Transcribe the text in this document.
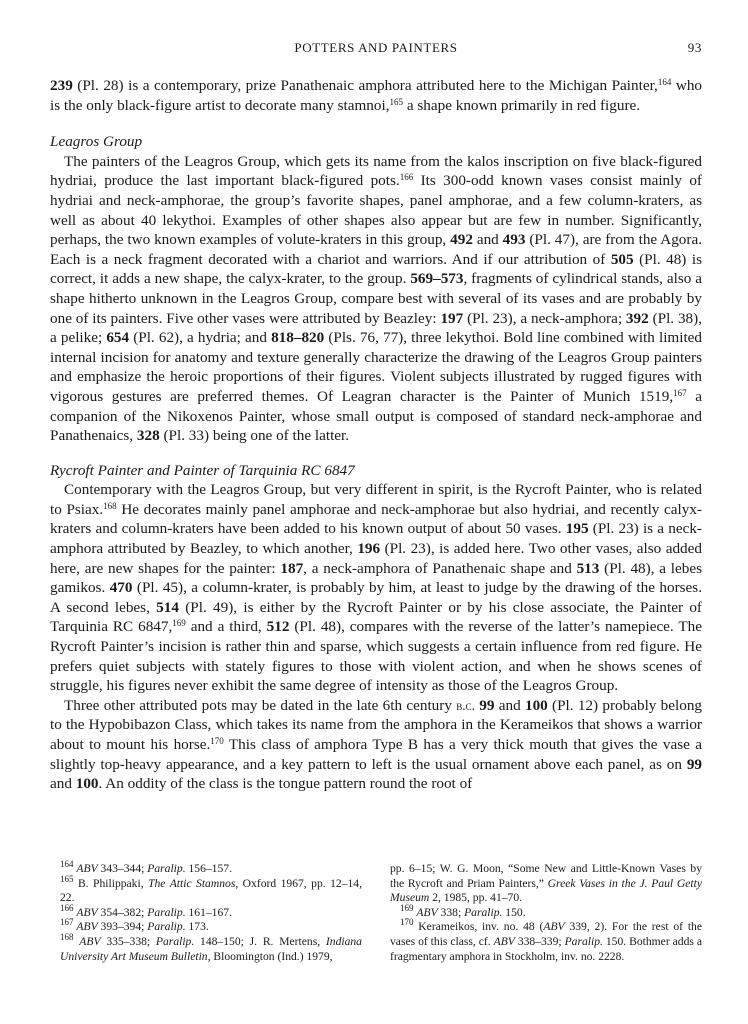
POTTERS AND PAINTERS	93

239 (Pl. 28) is a contemporary, prize Panathenaic amphora attributed here to the Michigan Painter,$^{164}$ who is the only black-figure artist to decorate many stamnoi,$^{165}$ a shape known primarily in red figure.

Leagros Group

The painters of the Leagros Group, which gets its name from the kalos inscription on five black-figured hydriai, produce the last important black-figured pots.$^{166}$ Its 300-odd known vases consist mainly of hydriai and neck-amphorae, the group’s favorite shapes, panel amphorae, and a few column-kraters, as well as about 40 lekythoi. Examples of other shapes also appear but are few in number. Significantly, perhaps, the two known examples of volute-kraters in this group, 492 and 493 (Pl. 47), are from the Agora. Each is a neck fragment decorated with a chariot and warriors. And if our attribution of 505 (Pl. 48) is correct, it adds a new shape, the calyx-krater, to the group. 569–573, fragments of cylindrical stands, also a shape hitherto unknown in the Leagros Group, compare best with several of its vases and are probably by one of its painters. Five other vases were attributed by Beazley: 197 (Pl. 23), a neck-amphora; 392 (Pl. 38), a pelike; 654 (Pl. 62), a hydria; and 818–820 (Pls. 76, 77), three lekythoi. Bold line combined with limited internal incision for anatomy and texture generally characterize the drawing of the Leagros Group painters and emphasize the heroic proportions of their figures. Violent subjects illustrated by rugged figures with vigorous gestures are preferred themes. Of Leagran character is the Painter of Munich 1519,$^{167}$ a companion of the Nikoxenos Painter, whose small output is composed of standard neck-amphorae and Panathenaics, 328 (Pl. 33) being one of the latter.

Rycroft Painter and Painter of Tarquinia RC 6847

Contemporary with the Leagros Group, but very different in spirit, is the Rycroft Painter, who is related to Psiax.$^{168}$ He decorates mainly panel amphorae and neck-amphorae but also hydriai, and recently calyx-kraters and column-kraters have been added to his known output of about 50 vases. 195 (Pl. 23) is a neck-amphora attributed by Beazley, to which another, 196 (Pl. 23), is added here. Two other vases, also added here, are new shapes for the painter: 187, a neck-amphora of Panathenaic shape and 513 (Pl. 48), a lebes gamikos. 470 (Pl. 45), a column-krater, is probably by him, at least to judge by the drawing of the horses. A second lebes, 514 (Pl. 49), is either by the Rycroft Painter or by his close associate, the Painter of Tarquinia RC 6847,$^{169}$ and a third, 512 (Pl. 48), compares with the reverse of the latter’s namepiece. The Rycroft Painter’s incision is rather thin and sparse, which suggests a certain influence from red figure. He prefers quiet subjects with stately figures to those with violent action, and when he shows scenes of struggle, his figures never exhibit the same degree of intensity as those of the Leagros Group.

Three other attributed pots may be dated in the late 6th century b.c. 99 and 100 (Pl. 12) probably belong to the Hypobibazon Class, which takes its name from the amphora in the Kerameikos that shows a warrior about to mount his horse.$^{170}$ This class of amphora Type B has a very thick mouth that gives the vase a slightly top-heavy appearance, and a key pattern to left is the usual ornament above each panel, as on 99 and 100. An oddity of the class is the tongue pattern round the root of

$^{164}$ ABV 343–344; Paralip. 156–157.

$^{165}$ B. Philippaki, The Attic Stamnos, Oxford 1967, pp. 12–14, 22.

$^{166}$ ABV 354–382; Paralip. 161–167.

$^{167}$ ABV 393–394; Paralip. 173.

$^{168}$ ABV 335–338; Paralip. 148–150; J. R. Mertens, Indiana University Art Museum Bulletin, Bloomington (Ind.) 1979,

pp. 6–15; W. G. Moon, “Some New and Little-Known Vases by the Rycroft and Priam Painters,” Greek Vases in the J. Paul Getty Museum 2, 1985, pp. 41–70.

$^{169}$ ABV 338; Paralip. 150.

$^{170}$ Kerameikos, inv. no. 48 (ABV 339, 2). For the rest of the vases of this class, cf. ABV 338–339; Paralip. 150. Bothmer adds a fragmentary amphora in Stockholm, inv. no. 2228.
